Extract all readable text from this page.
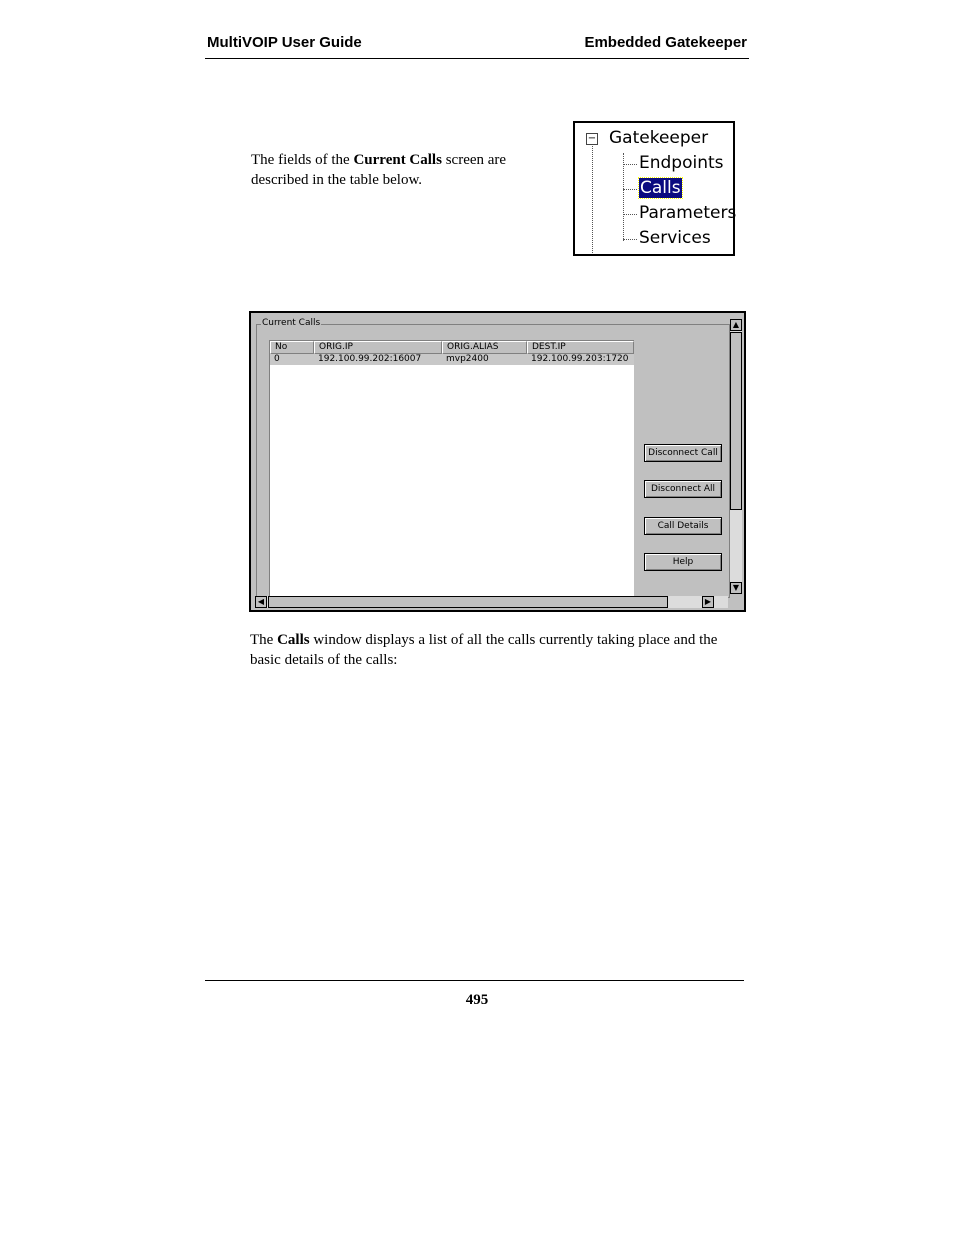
MultiVOIP User Guide	Embedded Gatekeeper
The fields of the Current Calls screen are described in the table below.
− Gatekeeper
Endpoints
Calls
Parameters
Services
Current Calls
No	ORIG.IP	ORIG.ALIAS	DEST.IP
0	192.100.99.202:16007	mvp2400	192.100.99.203:1720
Disconnect Call
Disconnect All
Call Details
Help
▲
▼
◀	▶
The Calls window displays a list of all the calls currently taking place and the basic details of the calls:
495
